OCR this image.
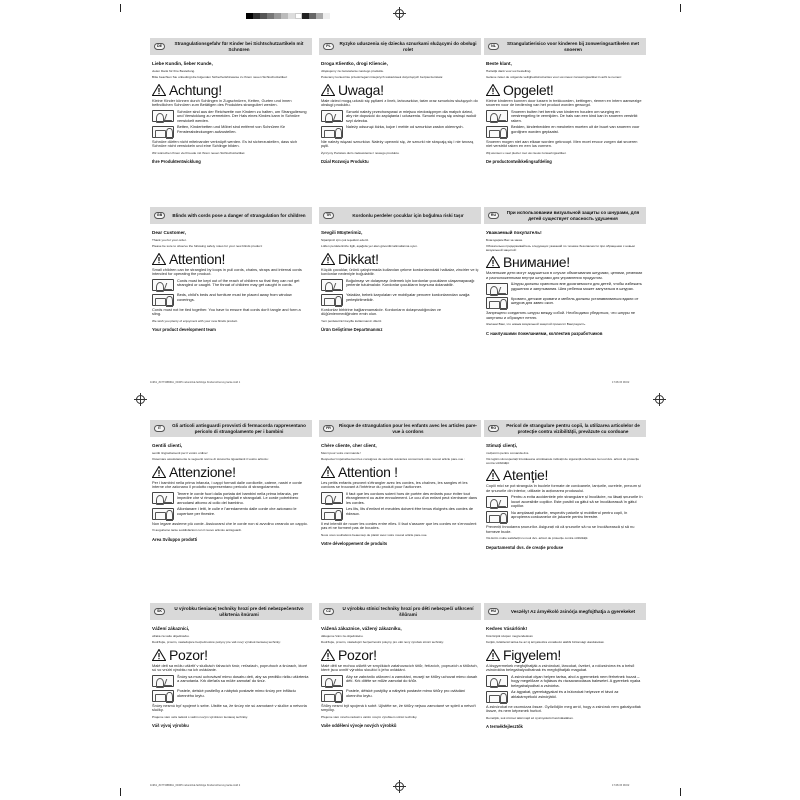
11961_Z47730B0DA_00405 nebenitzal-farbfolge Kindersicherung lacke.indd 1	17.08.15 09:02
11961_Z47730B0DA_00405 nebenitzal-farbfolge Kindersicherung lacke.indd 2	17.08.15 09:02
DE	Strangulationsgefahr für Kinder bei Sichtschutzartikeln mit Schnüren
Liebe Kundin, lieber Kunde,
vielen Dank für Ihre Bestellung.
Bitte beachten Sie unbedingt die folgenden Sicherheitshinweise zu Ihrem neuen Sichtschutzartikel:
Achtung!
Kleine Kinder können durch Schlingen in Zugschnüren, Ketten, Gurten und innen befindlichen Schnüren zum Betätigen des Produktes stranguliert werden.
Schnüre sind aus der Reichweite von Kindern zu halten, um Strangulierung und Verwicklung zu vermeiden. Der Hals eines Kindes kann in Schnüre verwickelt werden.
Betten, Kinderbetten und Möbel sind entfernt von Schnüren für Fensterabdeckungen aufzustellen.
Schnüre dürfen nicht miteinander verknüpft werden. Es ist sicherzustellen, dass sich Schnüre nicht verwickeln und eine Schlinge bilden.
Wir wünschen Ihnen viel Freude mit Ihrem neuen Sichtschutzartikel.
Ihre Produktentwicklung
PL	Ryzyko uduszenia się dziecka sznurkami służącymi do obsługi rolet
Droga Klientko, drogi Kliencie,
dziękujemy za zamówienie naszego produktu.
Polecamy koniecznie przestrzegać niniejszych wskazówek dotyczących bezpieczeństwa:
Uwaga!
Małe dzieci mogą udusić się pętlami z linek, łańcuszków, taśm oraz sznurków służących do obsługi produktu.
Sznurki należy przechowywać w miejscu niedostępnym dla małych dzieci, aby nie dopuścić do zaplątania i uduszenia. Sznurki mogą się owinąć wokół szyi dziecka.
Należy odsunąć łóżka, kojce i meble od sznurków zasłon okiennych.
Nie należy wiązać sznurków. Należy upewnić się, że sznurki nie skręcają się i nie tworzą pętli.
Życzymy Państwu dużo zadowolenia z nowego produktu.
Dział Rozwoju Produktu
NL	Strangulatierisico voor kinderen bij zonweringsartikelen met snoeren
Beste klant,
Hartelijk dank voor uw bestelling.
Gelieve zeker de volgende veiligheidsinstructies voor uw nieuw zonweringsartikel in acht te nemen:
Opgelet!
Kleine kinderen kunnen door lussen in trekkoorden, kettingen, riemen en intern aanwezige snoeren voor de bediening van het product worden gewurgd.
Snoeren buiten het bereik van kinderen houden om wurging en verstrengeling te vermijden. De hals van een kind kan in snoeren verstrikt raken.
Bedden, kinderbedden en meubelen moeten uit de buurt van snoeren voor gordijnen worden geplaatst.
Snoeren mogen niet aan elkaar worden geknoopt. Men moet ervoor zorgen dat snoeren niet verstrikt raken en een lus vormen.
Wij wensen u veel plezier met uw nieuw zonweringsartikel.
De productontwikkelingsafdeling
GB	Blinds with cords pose a danger of strangulation for children
Dear Customer,
Thank you for your order.
Please be sure to observe the following safety notes for your new blinds product:
Attention!
Small children can be strangled by loops in pull cords, chains, straps and internal cords intended for operating the product.
Cords must be kept out of the reach of children so that they can not get strangled or caught. The throat of children may get caught in cords.
Beds, child's beds and furniture must be placed away from window coverings.
Cords must not be tied together. You have to ensure that cords don't tangle and form a sling.
We wish you plenty of enjoyment with your new blinds product.
Your product development team
TR	Kordonlu perdeler çocuklar için boğulma riski taşır
Sevgili Müşterimiz,
Siparişiniz için çok teşekkür ederiz.
Lütfen perdelerinizle ilgili, aşağıda yer alan güvenlik talimatlarına uyun.
Dikkat!
Küçük çocuklar, ürünü çalıştırmada kullanılan çekme kordonlarındaki halkalar, zincirler ve iç kordonlar nedeniyle boğulabilir.
Boğulmayı ve dolaşmayı önlemek için kordonlar çocukların ulaşamayacağı yerlerde tutulmalıdır. Kordonlar çocukların boynuna dolanabilir.
Yataklar, bebek karyolaları ve mobilyalar pencere kordonlarından uzağa yerleştirilmelidir.
Kordonlar birbirine bağlanmamalıdır. Kordonların dolaşmadığından ve düğümlenmediğinden emin olun.
Yeni perdelerinizi keyifle kullanmanızı dileriz.
Ürün Geliştirme Departmanınız
RU	При использовании визуальной защиты со шнурами, для детей существует опасность удушения
Уважаемый покупатель!
Благодарим Вас за заказ.
Обязательно придерживайтесь следующих указаний по технике безопасности при обращении с новым визуальной защитой:
Внимание!
Маленькие дети могут задушиться в случае обматывания шнурами, цепями, ремнями и расположенными внутри шнурами для управления продуктом.
Шнуры должны храниться вне досягаемости для детей, чтобы избежать удушения и запутывания. Шея ребенка может запутаться в шнурах.
Кровати, детские кровати и мебель должны устанавливаться вдали от шнуров для завес окон.
Запрещено соединять шнуры между собой. Необходимо убедиться, что шнуры не запутаны и образуют петлю.
Желаем Вам, что новым визуальной защитой приносит Вам радость.
С наилучшими пожеланиями, коллектив разработчиков
IT	Gli articoli antisguardi provvisti di fermacorda rappresentano pericolo di strangolamento per i bambini
Gentili clienti,
sentiti ringraziamenti per il vostro ordine!
Osservare assolutamente le seguenti norme di sicurezza riguardanti il vostro articolo:
Attenzione!
Per i bambini nella prima infanzia, i cappi formati dalle cordicelle, catene, nastri e corde interne che azionano il prodotto rappresentano pericolo di strangolamento.
Tenere le corde fuori dalla portata dei bambini nella prima infanzia, per impedire che vi rimangano impigliati e strangolati. Le corde potrebbero annodarsi attorno al collo del bambino.
Allontanare i letti, le culle e l'arredamento dalle corde che azionano le coperture per finestre.
Non legare assieme più corde. Assicurarsi che le corde non si avvolino creando un cappio.
Vi auguriamo tante soddisfazioni con il nuovo articolo antisguardi.
Area Sviluppo prodotti
FR	Risque de strangulation pour les enfants avec les articles pare-vue à cordons
Chère cliente, cher client,
Merci pour votre commande !
Respectez impérativement les consignes de sécurité suivantes concernant votre nouvel article pare-vue :
Attention !
Les petits enfants peuvent s'étrangler avec les cordes, les chaînes, les sangles et les cordons se trouvant à l'intérieur du produit pour l'actionner.
Il faut que les cordons soient hors de portée des enfants pour éviter tout étranglement ou autre enroulement. Le cou d'un enfant peut s'entraver dans les cordes.
Les lits, lits d'enfant et meubles doivent être tenus éloignés des cordes de rideaux.
Il est interdit de nouer les cordes entre elles. Il faut s'assurer que les cordes ne s'enroulent pas et ne forment pas de boucles.
Nous vous souhaitons beaucoup de plaisir avec votre nouvel article pare-vue.
Votre développement de produits
RO	Pericol de strangulare pentru copii, la utilizarea articolelor de protecție contra vizibilității, prevăzute cu cordoane
Stimați clienți,
mulțumim pentru comanda dvs.
Vă rugăm să respectați întotdeauna următoarele indicații de siguranță referitoare la noul dvs. articol de protecție contra vizibilității:
Atenție!
Copiii mici se pot strangula în buclele formate de cordoanele, lanțurile, curelele, precum și de șnururile din interior, utilizate la acționarea produsului.
Pentru a evita accidentele prin strangulare și încolăcire, nu lăsați șnururile în locuri accesibile copiilor. Este posibil ca gâtul să se încolăcească în gâtul copiilor.
Nu amplasați paturile, respectiv paturile și mobilierul pentru copii, în apropierea cordoanelor de jaluzele pentru ferestre.
Preveniți înnodarea șnururilor. Asigurați vă că șnururile să nu se încolăcească și să nu formeze bucle.
Vă dorim multe satisfacții cu noul dvs. articol de protecție contra vizibilității.
Departamentul dvs. de creație produse
SK	U výrobku tieniacej techniky hrozí pre deti nebezpečenstvo uškrtenia šnúrami
Vážení zákazníci,
vďaka za vašu objednávku.
Dodržujte, prosím, nasledujúce bezpečnostné pokyny pre váš nový výrobok tieniacej techniky:
Pozor!
Malé deti sa môžu uškrtiť v slučkách ťahacích šnúr, reťaziach, popruhoch a šnúrach, ktoré sú vo vnútri výrobku na ich ovládanie.
Šnúry sa musí uchovávať mimo dosahu detí, aby sa predišlo riziku uškrtenia a zamotania. Krk dieťaťa sa môže zamotať do šnúr.
Postele, detské postieľky a nábytok postavte mimo šnúry pre infiláciu okenného krytu.
Šnúry nesmú byť spojené k sebe. Uistite sa, že šnúry nie sú zamotané v slučke a netvoria slučky.
Prajeme vám veľa radosti s vaším novým výrobkom tieniacej techniky.
Váš vývoj výrobku
CZ	U výrobku stínicí techniky hrozí pro děti nebezpečí uškrcení šňůrami
Vážená zákaznice, vážený zákazníku,
děkujeme Vám za objednávku.
Dodržujte, prosím, následující bezpečnostní pokyny pro váš nový výrobek stínicí techniky:
Pozor!
Malé děti se mohou uškrtit ve smyčkách zatahovacích šňůr, řetízcích, popruzích a šňůrách, které jsou uvnitř výrobku sloužící k jeho ovládání.
Aby se zabránilo uškrcení a zamotání, musejí se šňůry uchovat mimo dosah dětí. Krk dítěte se může zamotat do šňůr.
Postele, dětské postýlky a nábytek postavte mimo šňůry pro ovládání okenního krytu.
Šňůry nesmí být spojená k sobě. Ujistěte se, že šňůry nejsou zamotané ve spleti a netvoří smyčky.
Přejeme vám mnoho radosti s vaším novým výrobkem stínicí techniky.
Vaše oddělení vývoje nových výrobků
HU	Veszély! Az árnyékoló zsinórja megfojthatja a gyerekeket
Kedves Vásárlónk!
Köszönjük szépen megrendelését.
Kérjük, feltétlenül tartsa be az új árnyékolóra vonatkozó alábbi biztonsági utasításokat.
Figyelem!
A kisgyermekek megfojthatják a zsinórokat, láncokat, öveket, a rolózsinórra és a belső zsinórokba belegabalyodhatnak és megfojthatják magukat.
A zsinórokat olyan helyen tartsa, ahol a gyermekek nem férhetnek hozzá – hogy megelőzze a fojtásos és rácsavarodásos balesetet. A gyerekek nyaka belegabalyodhat a zsinórba.
Az ágyakat, gyerekágyakat és a bútorokat helyezze el távol az ablakárnyékoló zsinórjától.
A zsinórokat ne csomózza össze. Győződjön meg arról, hogy a zsinórok nem gabalyodtak össze, és nem képeznek hurkot.
Reméljük, sok örömet talál majd az új árnyékoló használatában.
A termékfejlesztők
